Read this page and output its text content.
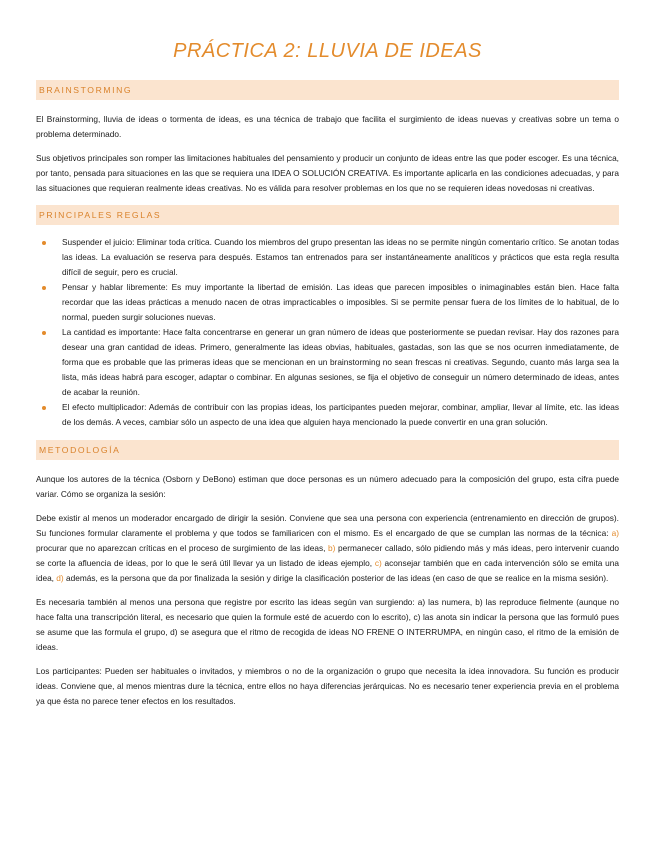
PRÁCTICA 2: LLUVIA DE IDEAS
BRAINSTORMING

El Brainstorming, lluvia de ideas o tormenta de ideas, es una técnica de trabajo que facilita el surgimiento de ideas nuevas y creativas sobre un tema o problema determinado.

Sus objetivos principales son romper las limitaciones habituales del pensamiento y producir un conjunto de ideas entre las que poder escoger. Es una técnica, por tanto, pensada para situaciones en las que se requiera una IDEA O SOLUCIÓN CREATIVA. Es importante aplicarla en las condiciones adecuadas, y para las situaciones que requieran realmente ideas creativas. No es válida para resolver problemas en los que no se requieren ideas novedosas ni creativas.

PRINCIPALES REGLAS
Suspender el juicio: Eliminar toda crítica. Cuando los miembros del grupo presentan las ideas no se permite ningún comentario crítico. Se anotan todas las ideas. La evaluación se reserva para después. Estamos tan entrenados para ser instantáneamente analíticos y prácticos que esta regla resulta difícil de seguir, pero es crucial.
Pensar y hablar libremente: Es muy importante la libertad de emisión. Las ideas que parecen imposibles o inimaginables están bien. Hace falta recordar que las ideas prácticas a menudo nacen de otras impracticables o imposibles. Si se permite pensar fuera de los límites de lo habitual, de lo normal, pueden surgir soluciones nuevas.
La cantidad es importante: Hace falta concentrarse en generar un gran número de ideas que posteriormente se puedan revisar. Hay dos razones para desear una gran cantidad de ideas. Primero, generalmente las ideas obvias, habituales, gastadas, son las que se nos ocurren inmediatamente, de forma que es probable que las primeras ideas que se mencionan en un brainstorming no sean frescas ni creativas. Segundo, cuanto más larga sea la lista, más ideas habrá para escoger, adaptar o combinar. En algunas sesiones, se fija el objetivo de conseguir un número determinado de ideas, antes de acabar la reunión.
El efecto multiplicador: Además de contribuir con las propias ideas, los participantes pueden mejorar, combinar, ampliar, llevar al límite, etc. las ideas de los demás. A veces, cambiar sólo un aspecto de una idea que alguien haya mencionado la puede convertir en una gran solución.
METODOLOGÍA

Aunque los autores de la técnica (Osborn y DeBono) estiman que doce personas es un número adecuado para la composición del grupo, esta cifra puede variar. Cómo se organiza la sesión:

Debe existir al menos un moderador encargado de dirigir la sesión. Conviene que sea una persona con experiencia (entrenamiento en dirección de grupos). Su funciones formular claramente el problema y que todos se familiaricen con el mismo. Es el encargado de que se cumplan las normas de la técnica: a) procurar que no aparezcan críticas en el proceso de surgimiento de las ideas, b) permanecer callado, sólo pidiendo más y más ideas, pero intervenir cuando se corte la afluencia de ideas, por lo que le será útil llevar ya un listado de ideas ejemplo, c) aconsejar también que en cada intervención sólo se emita una idea, d) además, es la persona que da por finalizada la sesión y dirige la clasificación posterior de las ideas (en caso de que se realice en la misma sesión).

Es necesaria también al menos una persona que registre por escrito las ideas según van surgiendo: a) las numera, b) las reproduce fielmente (aunque no hace falta una transcripción literal, es necesario que quien la formule esté de acuerdo con lo escrito), c) las anota sin indicar la persona que las formuló pues se asume que las formula el grupo, d) se asegura que el ritmo de recogida de ideas NO FRENE O INTERRUMPA, en ningún caso, el ritmo de la emisión de ideas.

Los participantes: Pueden ser habituales o invitados, y miembros o no de la organización o grupo que necesita la idea innovadora. Su función es producir ideas. Conviene que, al menos mientras dure la técnica, entre ellos no haya diferencias jerárquicas. No es necesario tener experiencia previa en el problema ya que ésta no parece tener efectos en los resultados.
